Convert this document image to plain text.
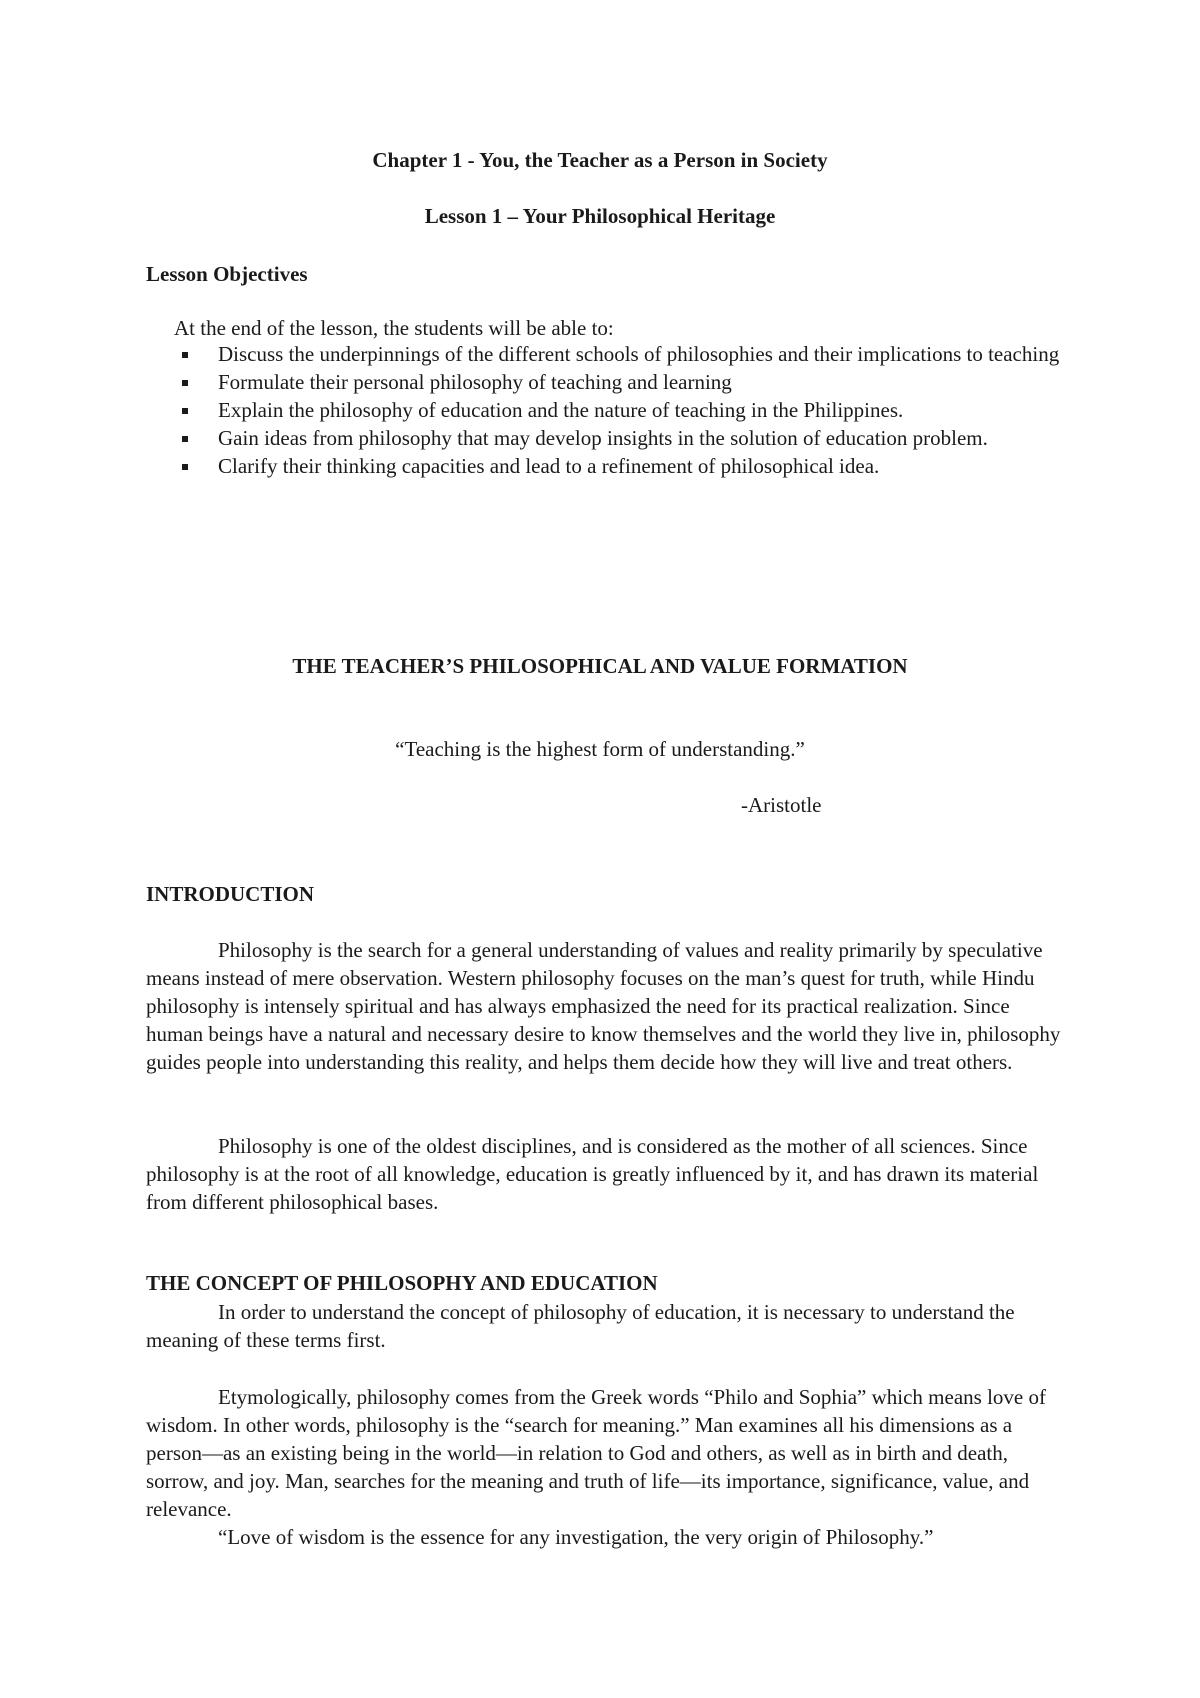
Chapter 1 - You, the Teacher as a Person in Society
Lesson 1 – Your Philosophical Heritage
Lesson Objectives
At the end of the lesson, the students will be able to:
Discuss the underpinnings of the different schools of philosophies and their implications to teaching
Formulate their personal philosophy of teaching and learning
Explain the philosophy of education and the nature of teaching in the Philippines.
Gain ideas from philosophy that may develop insights in the solution of education problem.
Clarify their thinking capacities and lead to a refinement of philosophical idea.
THE TEACHER’S PHILOSOPHICAL AND VALUE FORMATION
“Teaching is the highest form of understanding.”
-Aristotle
INTRODUCTION

Philosophy is the search for a general understanding of values and reality primarily by speculative means instead of mere observation. Western philosophy focuses on the man’s quest for truth, while Hindu philosophy is intensely spiritual and has always emphasized the need for its practical realization. Since human beings have a natural and necessary desire to know themselves and the world they live in, philosophy guides people into understanding this reality, and helps them decide how they will live and treat others.

Philosophy is one of the oldest disciplines, and is considered as the mother of all sciences. Since philosophy is at the root of all knowledge, education is greatly influenced by it, and has drawn its material from different philosophical bases.

THE CONCEPT OF PHILOSOPHY AND EDUCATION

In order to understand the concept of philosophy of education, it is necessary to understand the meaning of these terms first.

Etymologically, philosophy comes from the Greek words “Philo and Sophia” which means love of wisdom. In other words, philosophy is the “search for meaning.” Man examines all his dimensions as a person—as an existing being in the world—in relation to God and others, as well as in birth and death, sorrow, and joy. Man, searches for the meaning and truth of life—its importance, significance, value, and relevance.

“Love of wisdom is the essence for any investigation, the very origin of Philosophy.”
